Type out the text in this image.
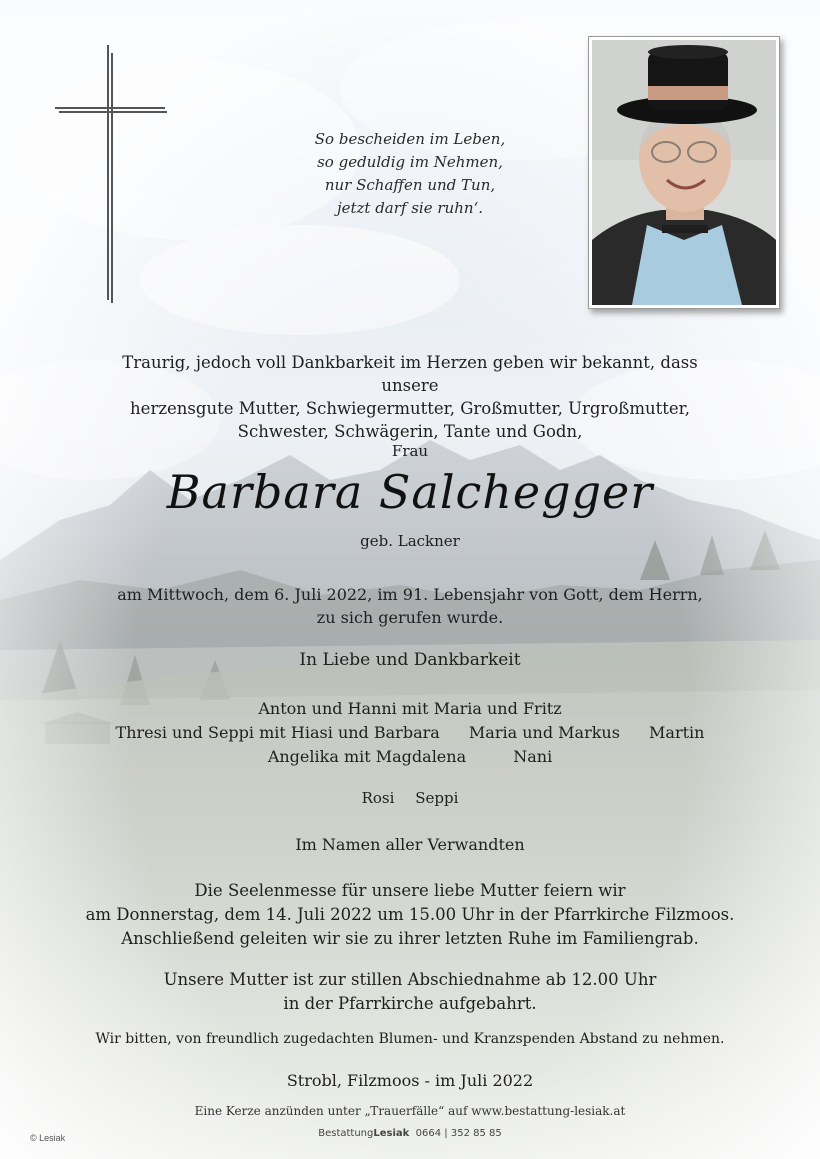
So bescheiden im Leben,
so geduldig im Nehmen,
nur Schaffen und Tun,
jetzt darf sie ruhn‘.
Traurig, jedoch voll Dankbarkeit im Herzen geben wir bekannt, dass unsere
herzensgute Mutter, Schwiegermutter, Großmutter, Urgroßmutter,
Schwester, Schwägerin, Tante und Godn,
Frau
Barbara Salchegger
geb. Lackner
am Mittwoch, dem 6. Juli 2022, im 91. Lebensjahr von Gott, dem Herrn,
zu sich gerufen wurde.
In Liebe und Dankbarkeit
Anton und Hanni mit Maria und Fritz
Thresi und Seppi mit Hiasi und Barbara Maria und Markus Martin
Angelika mit Magdalena	Nani
Rosi Seppi
Im Namen aller Verwandten
Die Seelenmesse für unsere liebe Mutter feiern wir
am Donnerstag, dem 14. Juli 2022 um 15.00 Uhr in der Pfarrkirche Filzmoos.
Anschließend geleiten wir sie zu ihrer letzten Ruhe im Familiengrab.
Unsere Mutter ist zur stillen Abschiednahme ab 12.00 Uhr
in der Pfarrkirche aufgebahrt.
Wir bitten, von freundlich zugedachten Blumen- und Kranzspenden Abstand zu nehmen.
Strobl, Filzmoos - im Juli 2022
Eine Kerze anzünden unter „Trauerfälle“ auf www.bestattung-lesiak.at
BestattungLesiak 0664 | 352 85 85
© Lesiak
